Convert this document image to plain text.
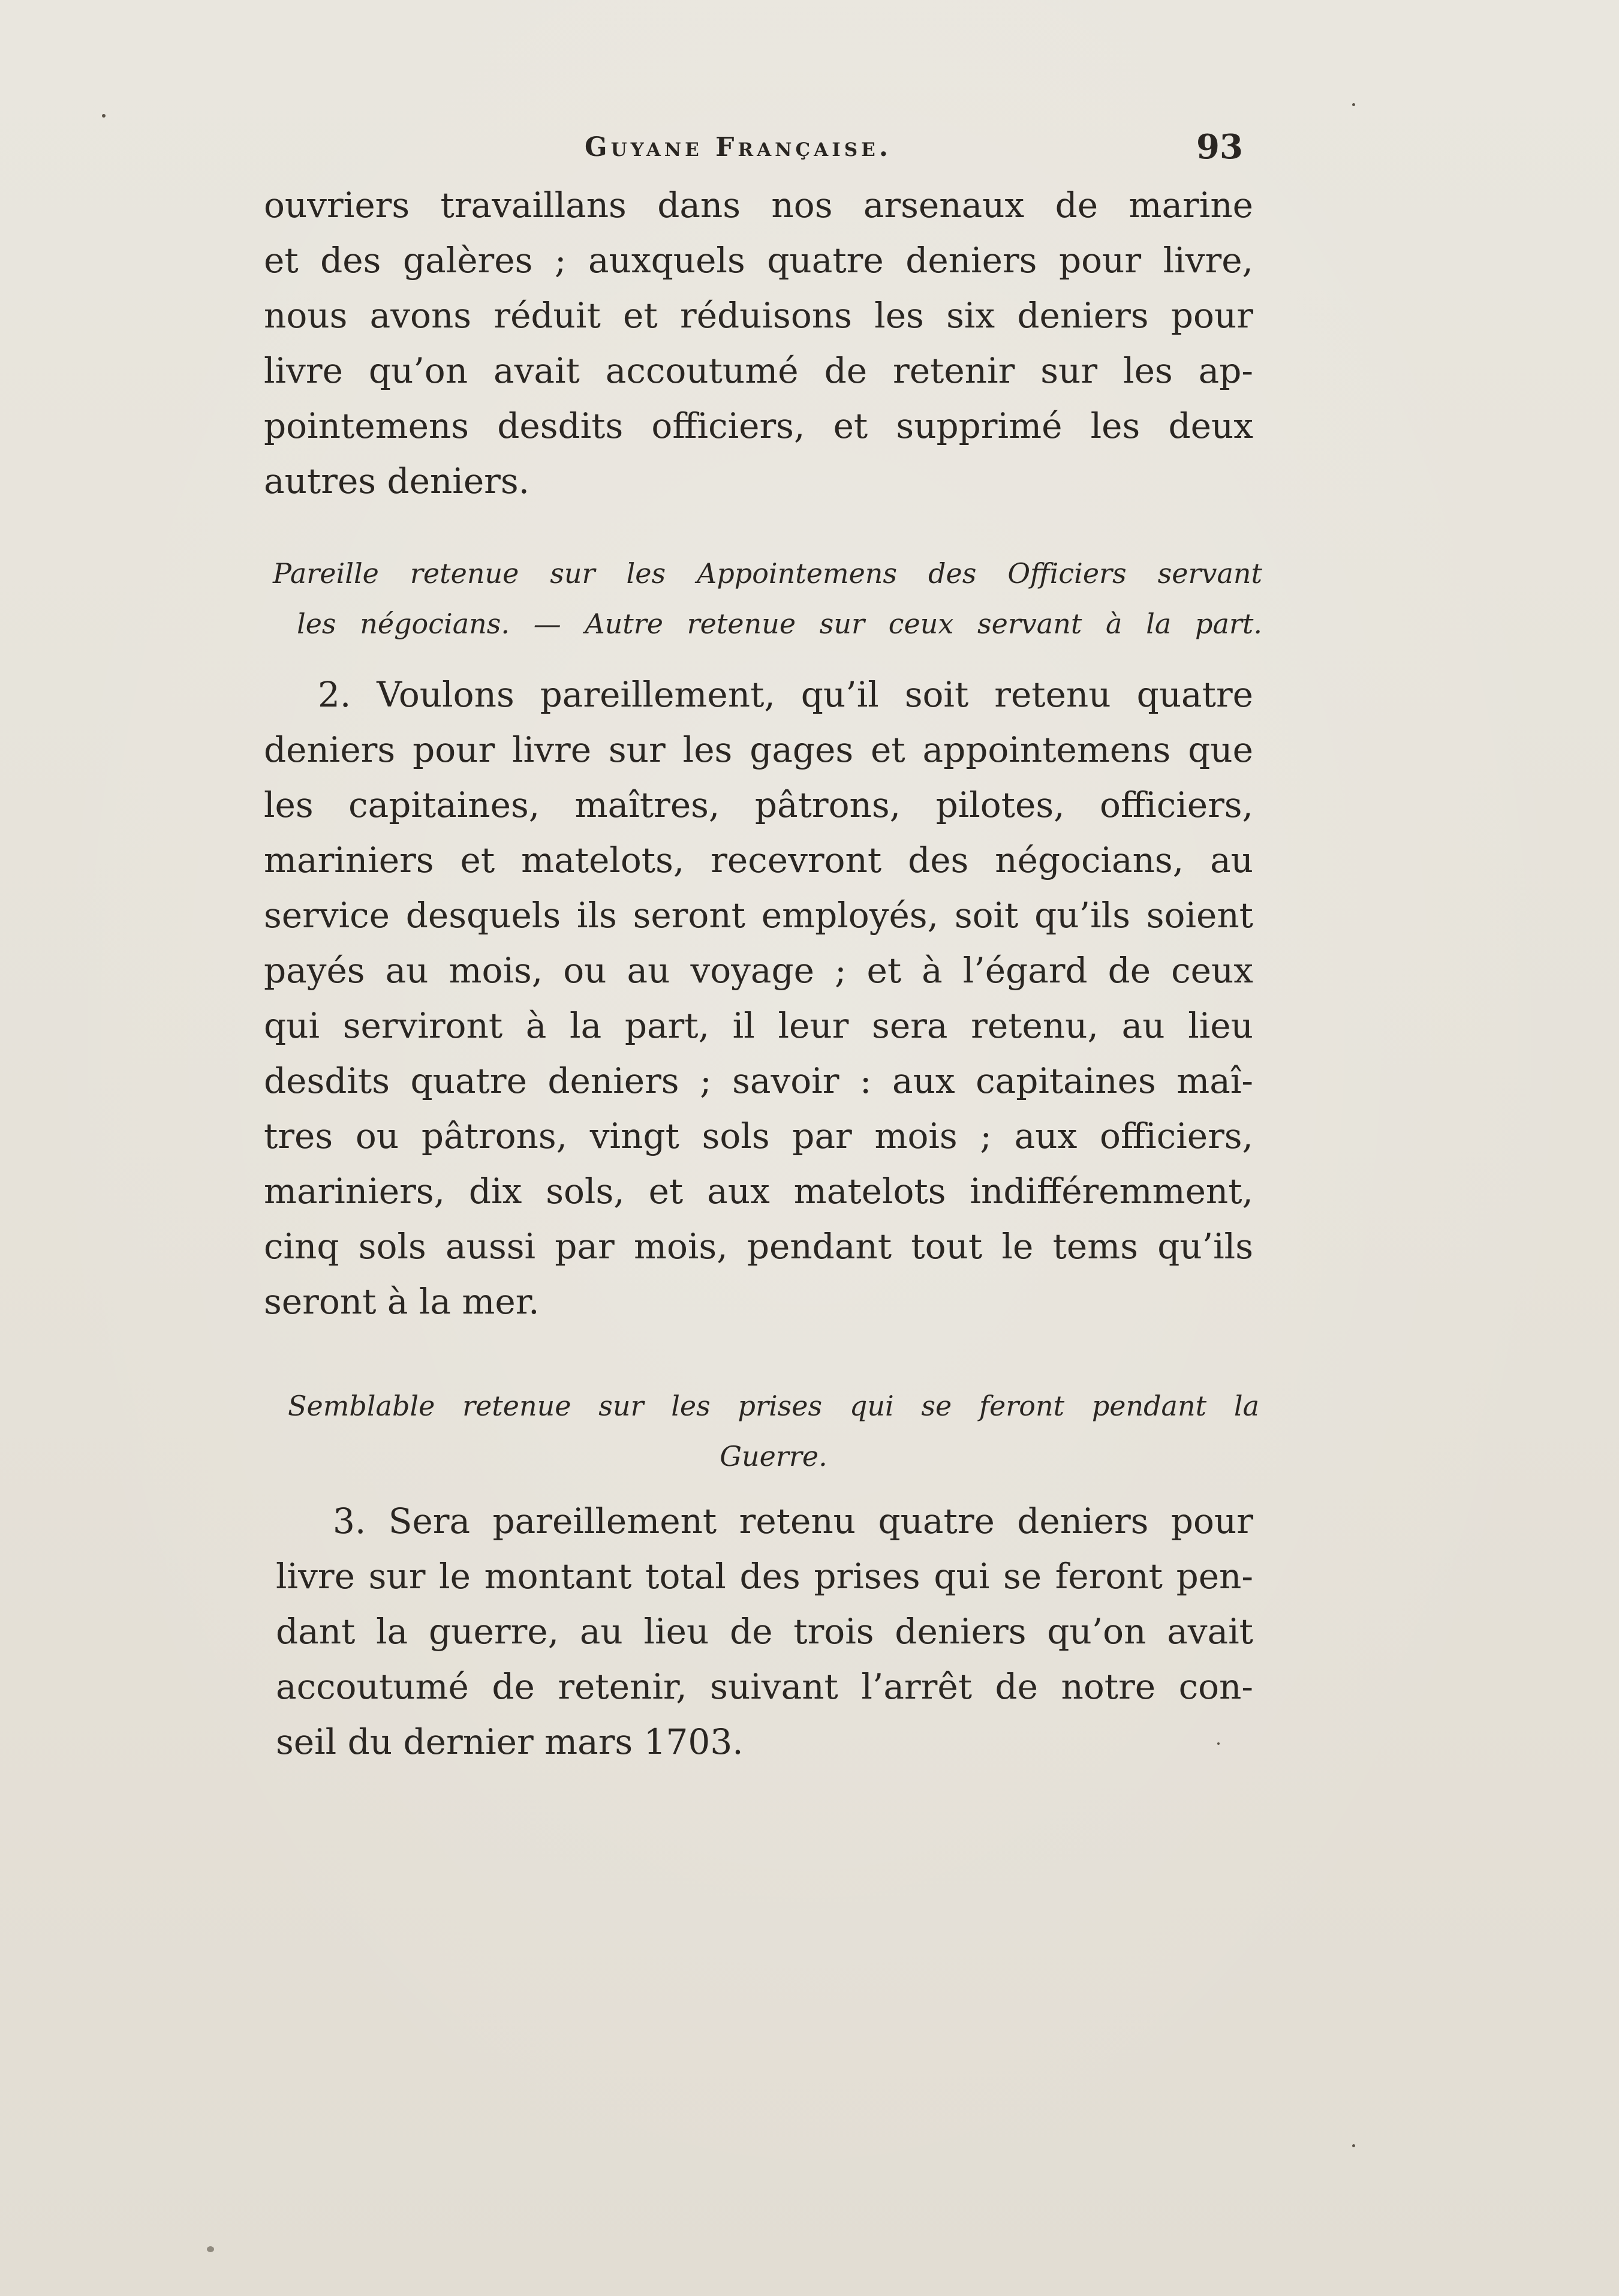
Guyane Française.	93
ouvriers travaillans dans nos arsenaux de marine
et des galères ; auxquels quatre deniers pour livre,
nous avons réduit et réduisons les six deniers pour
livre qu’on avait accoutumé de retenir sur les ap-
pointemens desdits officiers, et supprimé les deux
autres deniers.
Pareille retenue sur les Appointemens des Officiers servant
les négocians. — Autre retenue sur ceux servant à la part.
2. Voulons pareillement, qu’il soit retenu quatre
deniers pour livre sur les gages et appointemens que
les capitaines, maîtres, pâtrons, pilotes, officiers,
mariniers et matelots, recevront des négocians, au
service desquels ils seront employés, soit qu’ils soient
payés au mois, ou au voyage ; et à l’égard de ceux
qui serviront à la part, il leur sera retenu, au lieu
desdits quatre deniers ; savoir : aux capitaines maî-
tres ou pâtrons, vingt sols par mois ; aux officiers,
mariniers, dix sols, et aux matelots indifféremment,
cinq sols aussi par mois, pendant tout le tems qu’ils
seront à la mer.
Semblable retenue sur les prises qui se feront pendant la
Guerre.
3. Sera pareillement retenu quatre deniers pour
livre sur le montant total des prises qui se feront pen-
dant la guerre, au lieu de trois deniers qu’on avait
accoutumé de retenir, suivant l’arrêt de notre con-
seil du dernier mars 1703.
